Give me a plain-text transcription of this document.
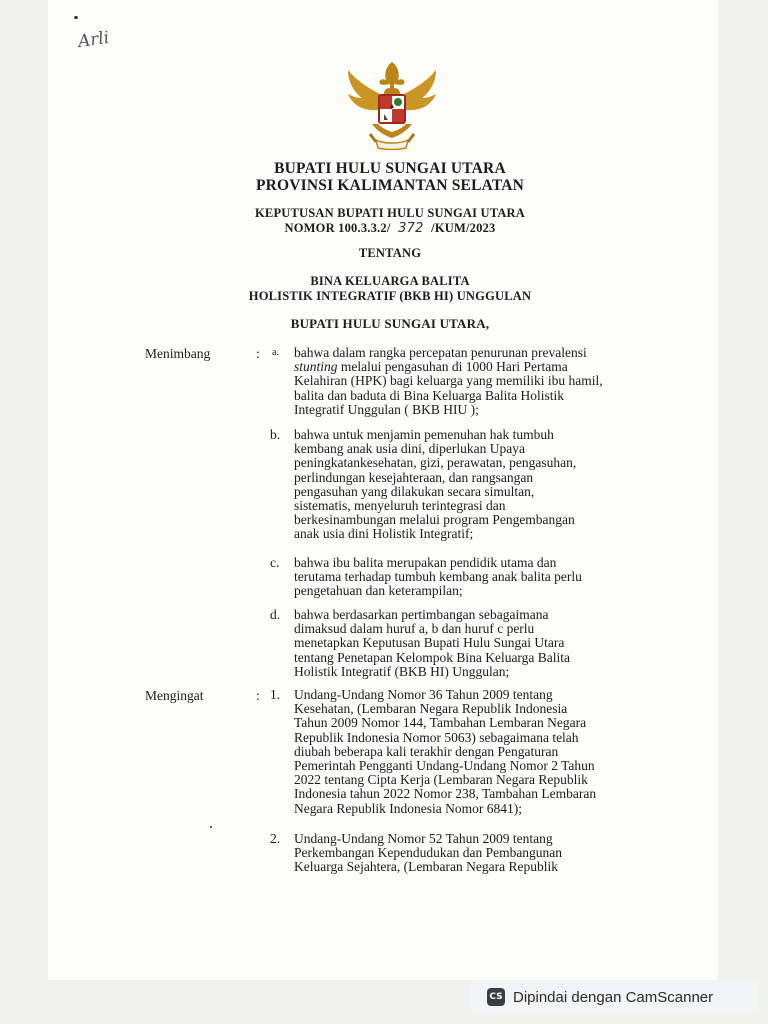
Arli
BUPATI HULU SUNGAI UTARA
PROVINSI KALIMANTAN SELATAN
KEPUTUSAN BUPATI HULU SUNGAI UTARA
NOMOR 100.3.3.2/ 372 /KUM/2023
TENTANG
BINA KELUARGA BALITA
HOLISTIK INTEGRATIF (BKB HI) UNGGULAN
BUPATI HULU SUNGAI UTARA,
Menimbang	: a.	bahwa dalam rangka percepatan penurunan prevalensi
stunting melalui pengasuhan di 1000 Hari Pertama
Kelahiran (HPK) bagi keluarga yang memiliki ibu hamil,
balita dan baduta di Bina Keluarga Balita Holistik
Integratif Unggulan ( BKB HIU );
b.	bahwa untuk menjamin pemenuhan hak tumbuh
kembang anak usia dini, diperlukan Upaya
peningkatankesehatan, gizi, perawatan, pengasuhan,
perlindungan kesejahteraan, dan rangsangan
pengasuhan yang dilakukan secara simultan,
sistematis, menyeluruh terintegrasi dan
berkesinambungan melalui program Pengembangan
anak usia dini Holistik Integratif;
c.	bahwa ibu balita merupakan pendidik utama dan
terutama terhadap tumbuh kembang anak balita perlu
pengetahuan dan keterampilan;
d.	bahwa berdasarkan pertimbangan sebagaimana
dimaksud dalam huruf a, b dan huruf c perlu
menetapkan Keputusan Bupati Hulu Sungai Utara
tentang Penetapan Kelompok Bina Keluarga Balita
Holistik Integratif (BKB HI) Unggulan;
Mengingat	: 1.	Undang-Undang Nomor 36 Tahun 2009 tentang
Kesehatan, (Lembaran Negara Republik Indonesia
Tahun 2009 Nomor 144, Tambahan Lembaran Negara
Republik Indonesia Nomor 5063) sebagaimana telah
diubah beberapa kali terakhir dengan Pengaturan
Pemerintah Pengganti Undang-Undang Nomor 2 Tahun
2022 tentang Cipta Kerja (Lembaran Negara Republik
Indonesia tahun 2022 Nomor 238, Tambahan Lembaran
Negara Republik Indonesia Nomor 6841);
2.	Undang-Undang Nomor 52 Tahun 2009 tentang
Perkembangan Kependudukan dan Pembangunan
Keluarga Sejahtera, (Lembaran Negara Republik
CS Dipindai dengan CamScanner
